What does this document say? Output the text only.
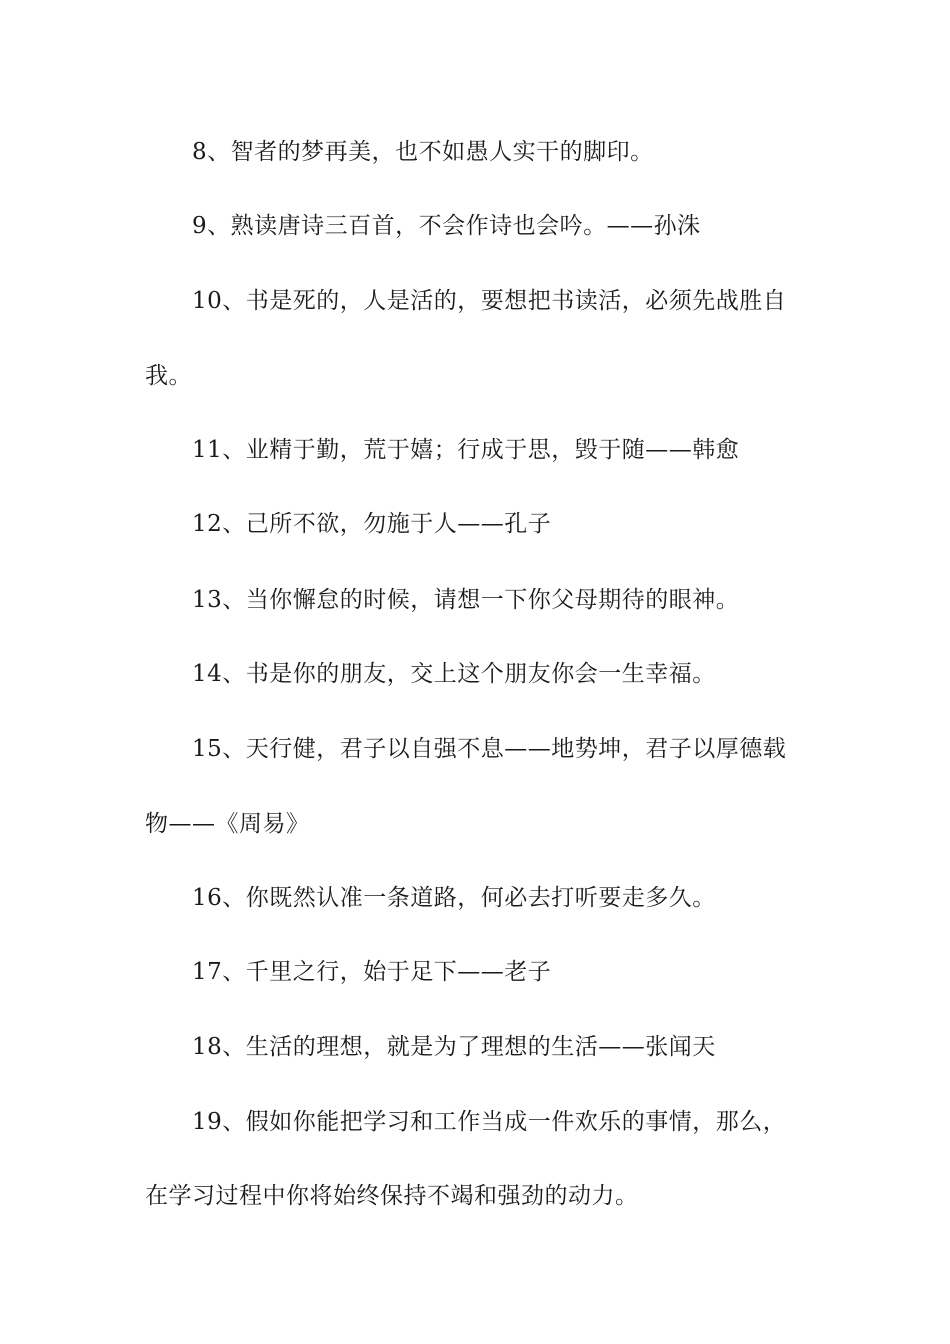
8、智者的梦再美，也不如愚人实干的脚印。
9、熟读唐诗三百首，不会作诗也会吟。——孙洙
10、书是死的，人是活的，要想把书读活，必须先战胜自
我。
11、业精于勤，荒于嬉；行成于思，毁于随——韩愈
12、己所不欲，勿施于人——孔子
13、当你懈怠的时候，请想一下你父母期待的眼神。
14、书是你的朋友，交上这个朋友你会一生幸福。
15、天行健，君子以自强不息——地势坤，君子以厚德载
物——《周易》
16、你既然认准一条道路，何必去打听要走多久。
17、千里之行，始于足下——老子
18、生活的理想，就是为了理想的生活——张闻天
19、假如你能把学习和工作当成一件欢乐的事情，那么，
在学习过程中你将始终保持不竭和强劲的动力。
